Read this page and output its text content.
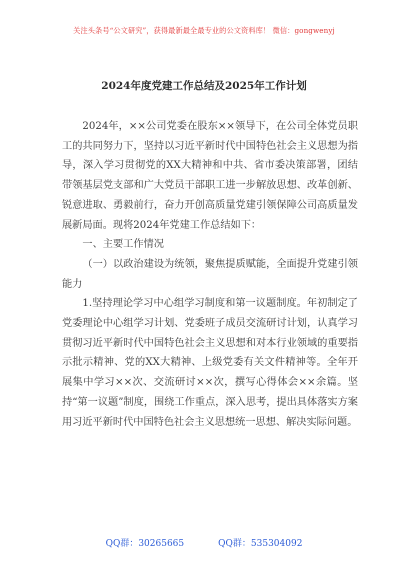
关注头条号“公文研究”，获得最新最全最专业的公文资料库！ 微信：gongwenyj
2024年度党建工作总结及2025年工作计划

2024年，××公司党委在股东××领导下，在公司全体党员职工的共同努力下，坚持以习近平新时代中国特色社会主义思想为指导，深入学习贯彻党的XX大精神和中共、省市委决策部署，团结带领基层党支部和广大党员干部职工进一步解放思想、改革创新、锐意进取、勇毅前行，奋力开创高质量党建引领保障公司高质量发展新局面。现将2024年党建工作总结如下：

一、主要工作情况

（一）以政治建设为统领，聚焦提质赋能，全面提升党建引领能力

1.坚持理论学习中心组学习制度和第一议题制度。年初制定了党委理论中心组学习计划、党委班子成员交流研讨计划，认真学习贯彻习近平新时代中国特色社会主义思想和对本行业领域的重要指示批示精神、党的XX大精神、上级党委有关文件精神等。全年开展集中学习××次、交流研讨××次，撰写心得体会××余篇。坚持“第一议题”制度，围绕工作重点，深入思考，提出具体落实方案用习近平新时代中国特色社会主义思想统一思想、解决实际问题。

QQ群：30265665	QQ群：535304092
